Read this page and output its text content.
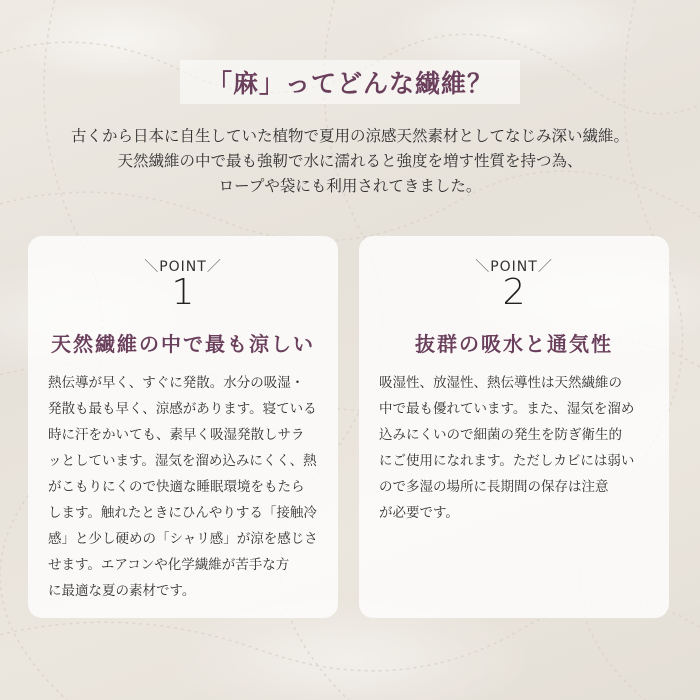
「麻」ってどんな繊維？
古くから日本に自生していた植物で夏用の涼感天然素材としてなじみ深い繊維。
天然繊維の中で最も強靭で水に濡れると強度を増す性質を持つ為、
ロープや袋にも利用されてきました。
＼POINT／
1
天然繊維の中で最も涼しい
熱伝導が早く、すぐに発散。水分の吸湿・
発散も最も早く、涼感があります。寝ている
時に汗をかいても、素早く吸湿発散しサラ
ッとしています。湿気を溜め込みにくく、熱
がこもりにくので快適な睡眠環境をもたら
します。触れたときにひんやりする「接触冷
感」と少し硬めの「シャリ感」が涼を感じさ
せます。エアコンや化学繊維が苦手な方
に最適な夏の素材です。
＼POINT／
2
抜群の吸水と通気性
吸湿性、放湿性、熱伝導性は天然繊維の
中で最も優れています。また、湿気を溜め
込みにくいので細菌の発生を防ぎ衛生的
にご使用になれます。ただしカビには弱い
ので多湿の場所に長期間の保存は注意
が必要です。
